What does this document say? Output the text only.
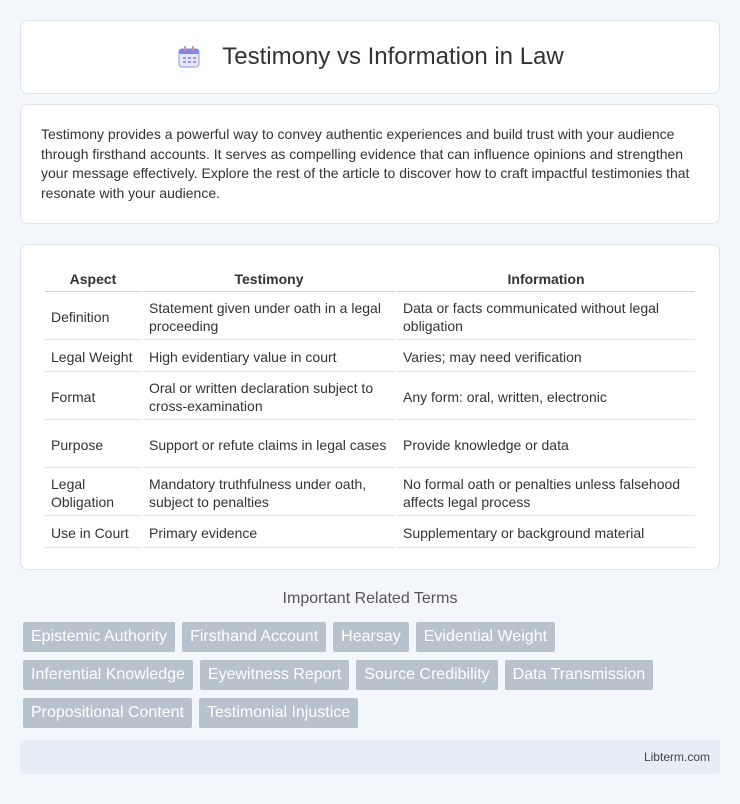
Testimony vs Information in Law

Testimony provides a powerful way to convey authentic experiences and build trust with your audience through firsthand accounts. It serves as compelling evidence that can influence opinions and strengthen your message effectively. Explore the rest of the article to discover how to craft impactful testimonies that resonate with your audience.

Aspect	Testimony	Information
Definition	Statement given under oath in a legal proceeding	Data or facts communicated without legal obligation
Legal Weight	High evidentiary value in court	Varies; may need verification
Format	Oral or written declaration subject to cross-examination	Any form: oral, written, electronic
Purpose	Support or refute claims in legal cases	Provide knowledge or data
Legal Obligation	Mandatory truthfulness under oath, subject to penalties	No formal oath or penalties unless falsehood affects legal process
Use in Court	Primary evidence	Supplementary or background material
Important Related Terms
Epistemic Authority	Firsthand Account	Hearsay	Evidential Weight
Inferential Knowledge	Eyewitness Report	Source Credibility	Data Transmission
Propositional Content	Testimonial Injustice
Libterm.com
